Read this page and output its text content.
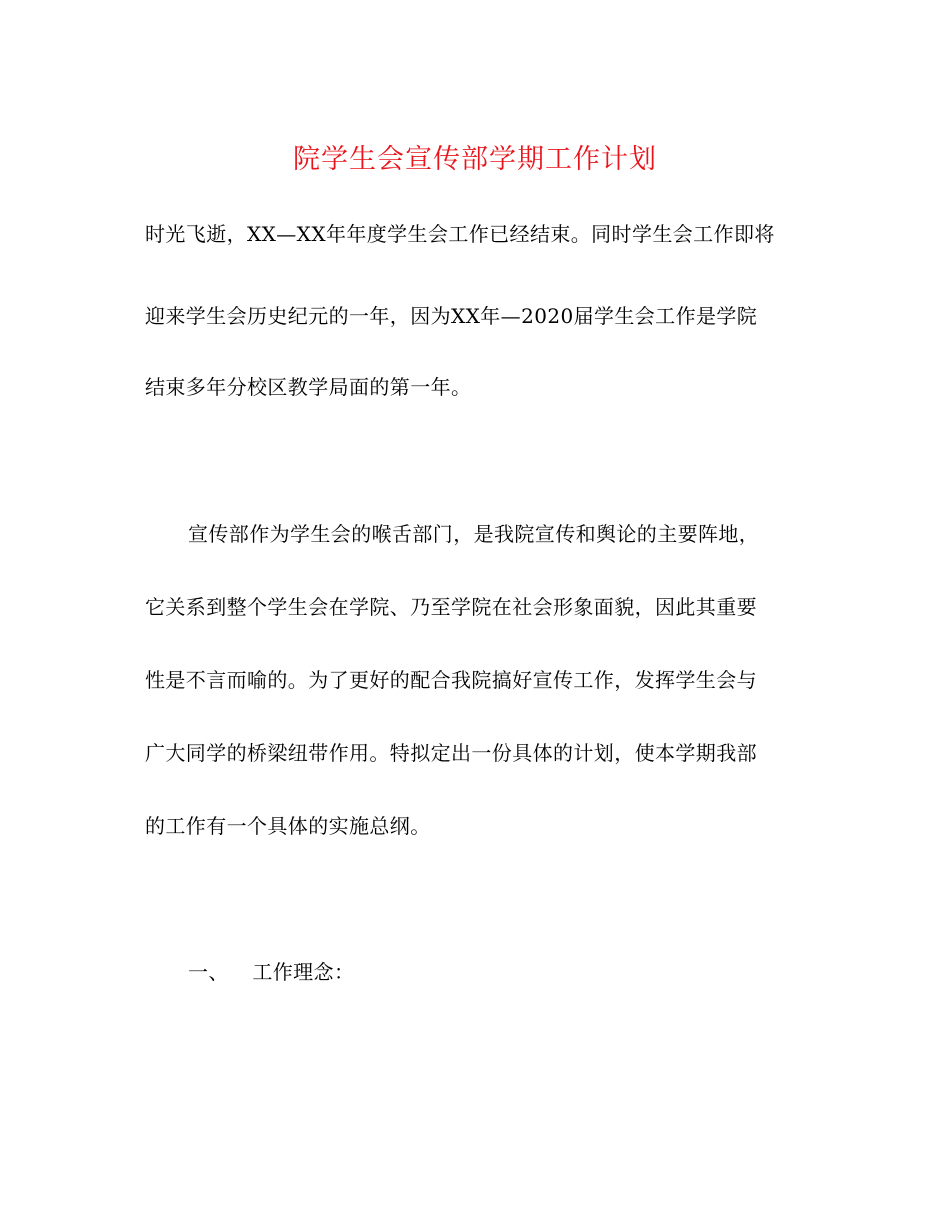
院学生会宣传部学期工作计划

时光飞逝，XX—XX年年度学生会工作已经结束。同时学生会工作即将

迎来学生会历史纪元的一年，因为XX年—2020届学生会工作是学院

结束多年分校区教学局面的第一年。

宣传部作为学生会的喉舌部门，是我院宣传和舆论的主要阵地，

它关系到整个学生会在学院、乃至学院在社会形象面貌，因此其重要

性是不言而喻的。为了更好的配合我院搞好宣传工作，发挥学生会与

广大同学的桥梁纽带作用。特拟定出一份具体的计划，使本学期我部

的工作有一个具体的实施总纲。

一、 工作理念：
